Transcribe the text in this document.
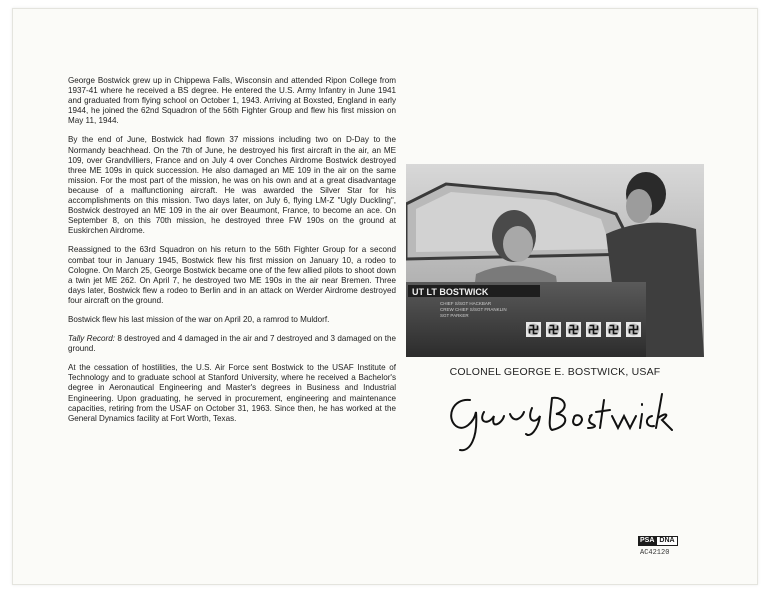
George Bostwick grew up in Chippewa Falls, Wisconsin and attended Ripon College from 1937-41 where he received a BS degree. He entered the U.S. Army Infantry in June 1941 and graduated from flying school on October 1, 1943. Arriving at Boxsted, England in early 1944, he joined the 62nd Squadron of the 56th Fighter Group and flew his first mission on May 11, 1944.

By the end of June, Bostwick had flown 37 missions including two on D-Day to the Normandy beachhead. On the 7th of June, he destroyed his first aircraft in the air, an ME 109, over Grandvilliers, France and on July 4 over Conches Airdrome Bostwick destroyed three ME 109s in quick succession. He also damaged an ME 109 in the air on the same mission. For the most part of the mission, he was on his own and at a great disadvantage because of a malfunctioning aircraft. He was awarded the Silver Star for his accomplishments on this mission. Two days later, on July 6, flying LM-Z "Ugly Duckling", Bostwick destroyed an ME 109 in the air over Beaumont, France, to become an ace. On September 8, on this 70th mission, he destroyed three FW 190s on the ground at Euskirchen Airdrome.

Reassigned to the 63rd Squadron on his return to the 56th Fighter Group for a second combat tour in January 1945, Bostwick flew his first mission on January 10, a rodeo to Cologne. On March 25, George Bostwick became one of the few allied pilots to shoot down a twin jet ME 262. On April 7, he destroyed two ME 190s in the air near Bremen. Three days later, Bostwick flew a rodeo to Berlin and in an attack on Werder Airdrome destroyed four aircraft on the ground.

Bostwick flew his last mission of the war on April 20, a ramrod to Muldorf.

Tally Record: 8 destroyed and 4 damaged in the air and 7 destroyed and 3 damaged on the ground.

At the cessation of hostilities, the U.S. Air Force sent Bostwick to the USAF Institute of Technology and to graduate school at Stanford University, where he received a Bachelor's degree in Aeronautical Engineering and Master's degrees in Business and Industrial Engineering. Upon graduating, he served in procurement, engineering and maintenance capacities, retiring from the USAF on October 31, 1963. Since then, he has worked at the General Dynamics facility at Fort Worth, Texas.

UT LT BOSTWICK
CHIEF S/SGT HACKBAR
CREW CHIEF S/SGT FRANKLIN
SGT PARKER
COLONEL GEORGE E. BOSTWICK, USAF
PSA DNA
AC42120
